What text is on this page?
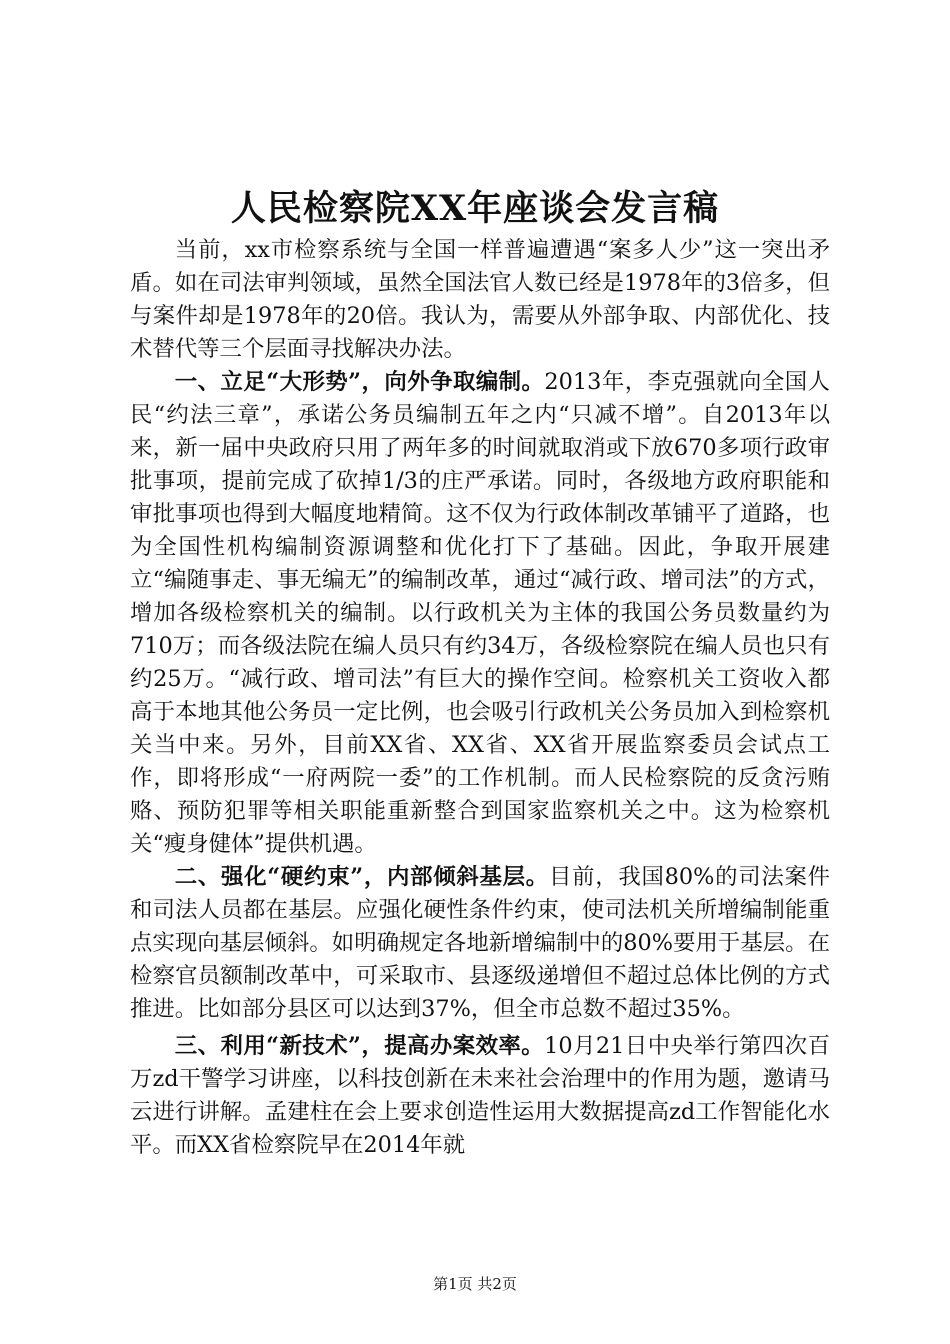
人民检察院XX年座谈会发言稿

当前，xx市检察系统与全国一样普遍遭遇“案多人少”这一突出矛盾。如在司法审判领域，虽然全国法官人数已经是1978年的3倍多，但与案件却是1978年的20倍。我认为，需要从外部争取、内部优化、技术替代等三个层面寻找解决办法。

一、立足“大形势”，向外争取编制。2013年，李克强就向全国人民“约法三章”，承诺公务员编制五年之内“只减不增”。自2013年以来，新一届中央政府只用了两年多的时间就取消或下放670多项行政审批事项，提前完成了砍掉1/3的庄严承诺。同时，各级地方政府职能和审批事项也得到大幅度地精简。这不仅为行政体制改革铺平了道路，也为全国性机构编制资源调整和优化打下了基础。因此，争取开展建立“编随事走、事无编无”的编制改革，通过“减行政、增司法”的方式，增加各级检察机关的编制。以行政机关为主体的我国公务员数量约为710万；而各级法院在编人员只有约34万，各级检察院在编人员也只有约25万。“减行政、增司法”有巨大的操作空间。检察机关工资收入都高于本地其他公务员一定比例，也会吸引行政机关公务员加入到检察机关当中来。另外，目前XX省、XX省、XX省开展监察委员会试点工作，即将形成“一府两院一委”的工作机制。而人民检察院的反贪污贿赂、预防犯罪等相关职能重新整合到国家监察机关之中。这为检察机关“瘦身健体”提供机遇。

二、强化“硬约束”，内部倾斜基层。目前，我国80%的司法案件和司法人员都在基层。应强化硬性条件约束，使司法机关所增编制能重点实现向基层倾斜。如明确规定各地新增编制中的80%要用于基层。在检察官员额制改革中，可采取市、县逐级递增但不超过总体比例的方式推进。比如部分县区可以达到37%，但全市总数不超过35%。

三、利用“新技术”，提高办案效率。10月21日中央举行第四次百万zd干警学习讲座，以科技创新在未来社会治理中的作用为题，邀请马云进行讲解。孟建柱在会上要求创造性运用大数据提高zd工作智能化水平。而XX省检察院早在2014年就

第1页 共2页
